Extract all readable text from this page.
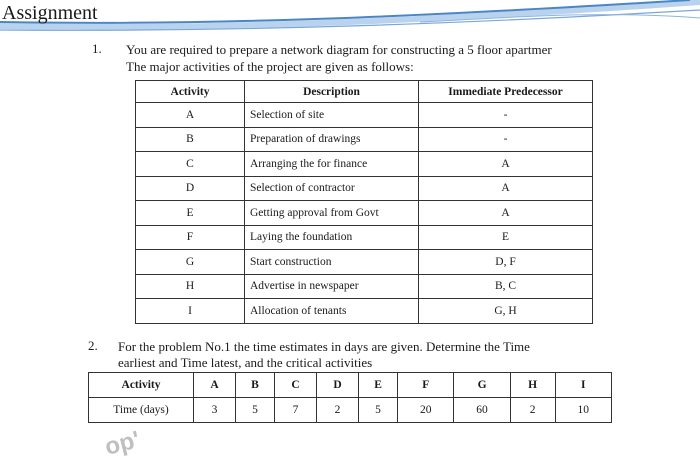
Assignment
1. You are required to prepare a network diagram for constructing a 5 floor apartmer
The major activities of the project are given as follows:
Activity	Description	Immediate Predecessor
A	Selection of site	-
B	Preparation of drawings	-
C	Arranging the for finance	A
D	Selection of contractor	A
E	Getting approval from Govt	A
F	Laying the foundation	E
G	Start construction	D, F
H	Advertise in newspaper	B, C
I	Allocation of tenants	G, H
2. For the problem No.1 the time estimates in days are given. Determine the Time
earliest and Time latest, and the critical activities
Activity	A	B	C	D	E	F	G	H	I
Time (days)	3	5	7	2	5	20	60	2	10
op'
